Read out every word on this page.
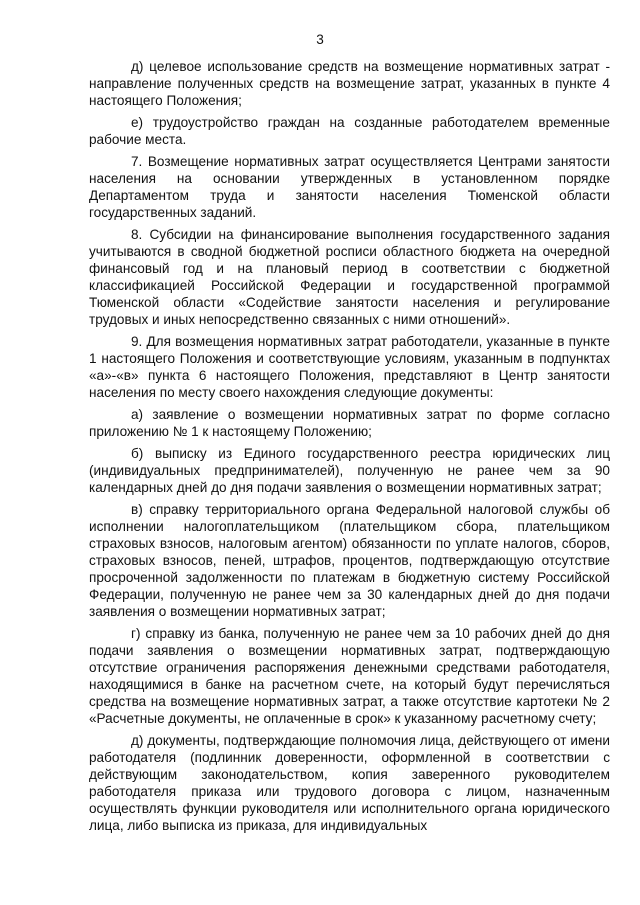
3

д) целевое использование средств на возмещение нормативных затрат - направление полученных средств на возмещение затрат, указанных в пункте 4 настоящего Положения;

е) трудоустройство граждан на созданные работодателем временные рабочие места.

7. Возмещение нормативных затрат осуществляется Центрами занятости населения на основании утвержденных в установленном порядке Департаментом труда и занятости населения Тюменской области государственных заданий.

8. Субсидии на финансирование выполнения государственного задания учитываются в сводной бюджетной росписи областного бюджета на очередной финансовый год и на плановый период в соответствии с бюджетной классификацией Российской Федерации и государственной программой Тюменской области «Содействие занятости населения и регулирование трудовых и иных непосредственно связанных с ними отношений».

9. Для возмещения нормативных затрат работодатели, указанные в пункте 1 настоящего Положения и соответствующие условиям, указанным в подпунктах «а»-«в» пункта 6 настоящего Положения, представляют в Центр занятости населения по месту своего нахождения следующие документы:

а) заявление о возмещении нормативных затрат по форме согласно приложению № 1 к настоящему Положению;

б) выписку из Единого государственного реестра юридических лиц (индивидуальных предпринимателей), полученную не ранее чем за 90 календарных дней до дня подачи заявления о возмещении нормативных затрат;

в) справку территориального органа Федеральной налоговой службы об исполнении налогоплательщиком (плательщиком сбора, плательщиком страховых взносов, налоговым агентом) обязанности по уплате налогов, сборов, страховых взносов, пеней, штрафов, процентов, подтверждающую отсутствие просроченной задолженности по платежам в бюджетную систему Российской Федерации, полученную не ранее чем за 30 календарных дней до дня подачи заявления о возмещении нормативных затрат;

г) справку из банка, полученную не ранее чем за 10 рабочих дней до дня подачи заявления о возмещении нормативных затрат, подтверждающую отсутствие ограничения распоряжения денежными средствами работодателя, находящимися в банке на расчетном счете, на который будут перечисляться средства на возмещение нормативных затрат, а также отсутствие картотеки № 2 «Расчетные документы, не оплаченные в срок» к указанному расчетному счету;

д) документы, подтверждающие полномочия лица, действующего от имени работодателя (подлинник доверенности, оформленной в соответствии с действующим законодательством, копия заверенного руководителем работодателя приказа или трудового договора с лицом, назначенным осуществлять функции руководителя или исполнительного органа юридического лица, либо выписка из приказа, для индивидуальных
